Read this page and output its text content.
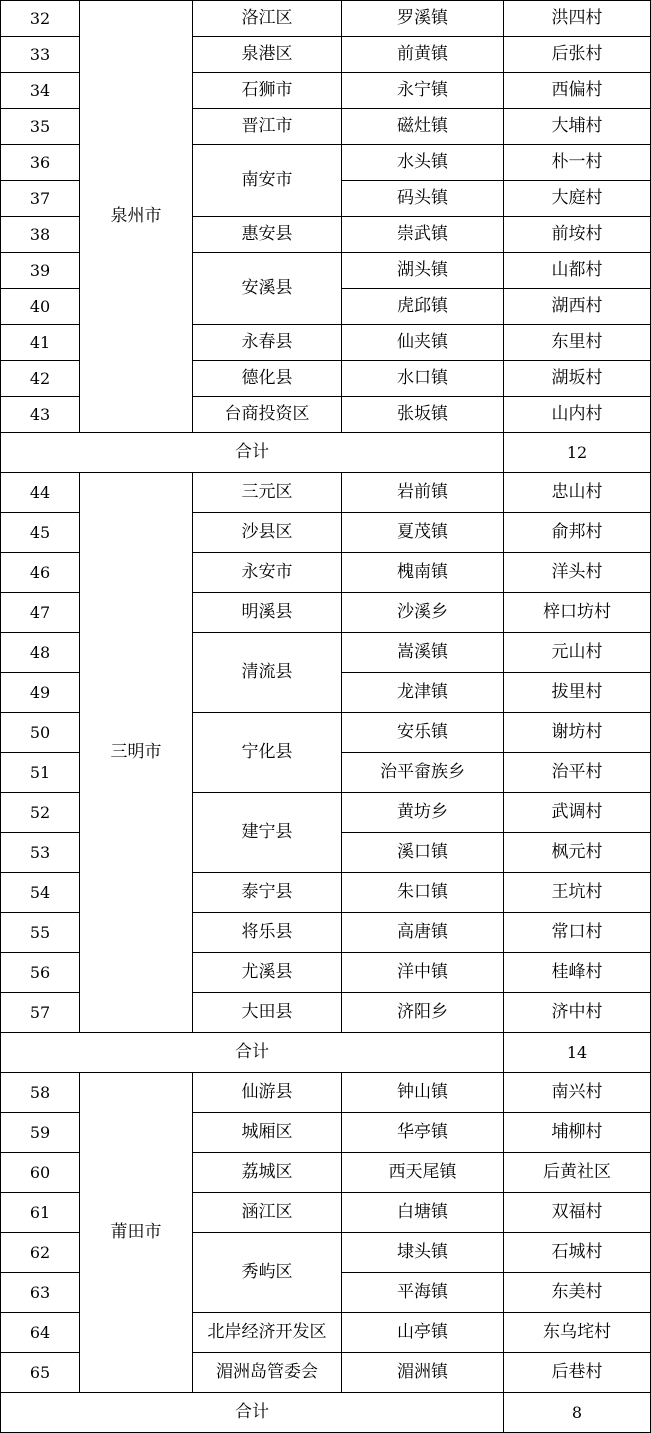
32	泉州市	洛江区	罗溪镇	洪四村
33		泉港区	前黄镇	后张村
34		石狮市	永宁镇	西偏村
35		晋江市	磁灶镇	大埔村
36		南安市	水头镇	朴一村
37			码头镇	大庭村
38		惠安县	崇武镇	前垵村
39		安溪县	湖头镇	山都村
40			虎邱镇	湖西村
41		永春县	仙夹镇	东里村
42		德化县	水口镇	湖坂村
43		台商投资区	张坂镇	山内村
合计				12
44	三明市	三元区	岩前镇	忠山村
45		沙县区	夏茂镇	俞邦村
46		永安市	槐南镇	洋头村
47		明溪县	沙溪乡	梓口坊村
48		清流县	嵩溪镇	元山村
49			龙津镇	拔里村
50		宁化县	安乐镇	谢坊村
51			治平畲族乡	治平村
52		建宁县	黄坊乡	武调村
53			溪口镇	枫元村
54		泰宁县	朱口镇	王坑村
55		将乐县	高唐镇	常口村
56		尤溪县	洋中镇	桂峰村
57		大田县	济阳乡	济中村
合计				14
58	莆田市	仙游县	钟山镇	南兴村
59		城厢区	华亭镇	埔柳村
60		荔城区	西天尾镇	后黄社区
61		涵江区	白塘镇	双福村
62		秀屿区	埭头镇	石城村
63			平海镇	东美村
64		北岸经济开发区	山亭镇	东乌垞村
65		湄洲岛管委会	湄洲镇	后巷村
合计				8
